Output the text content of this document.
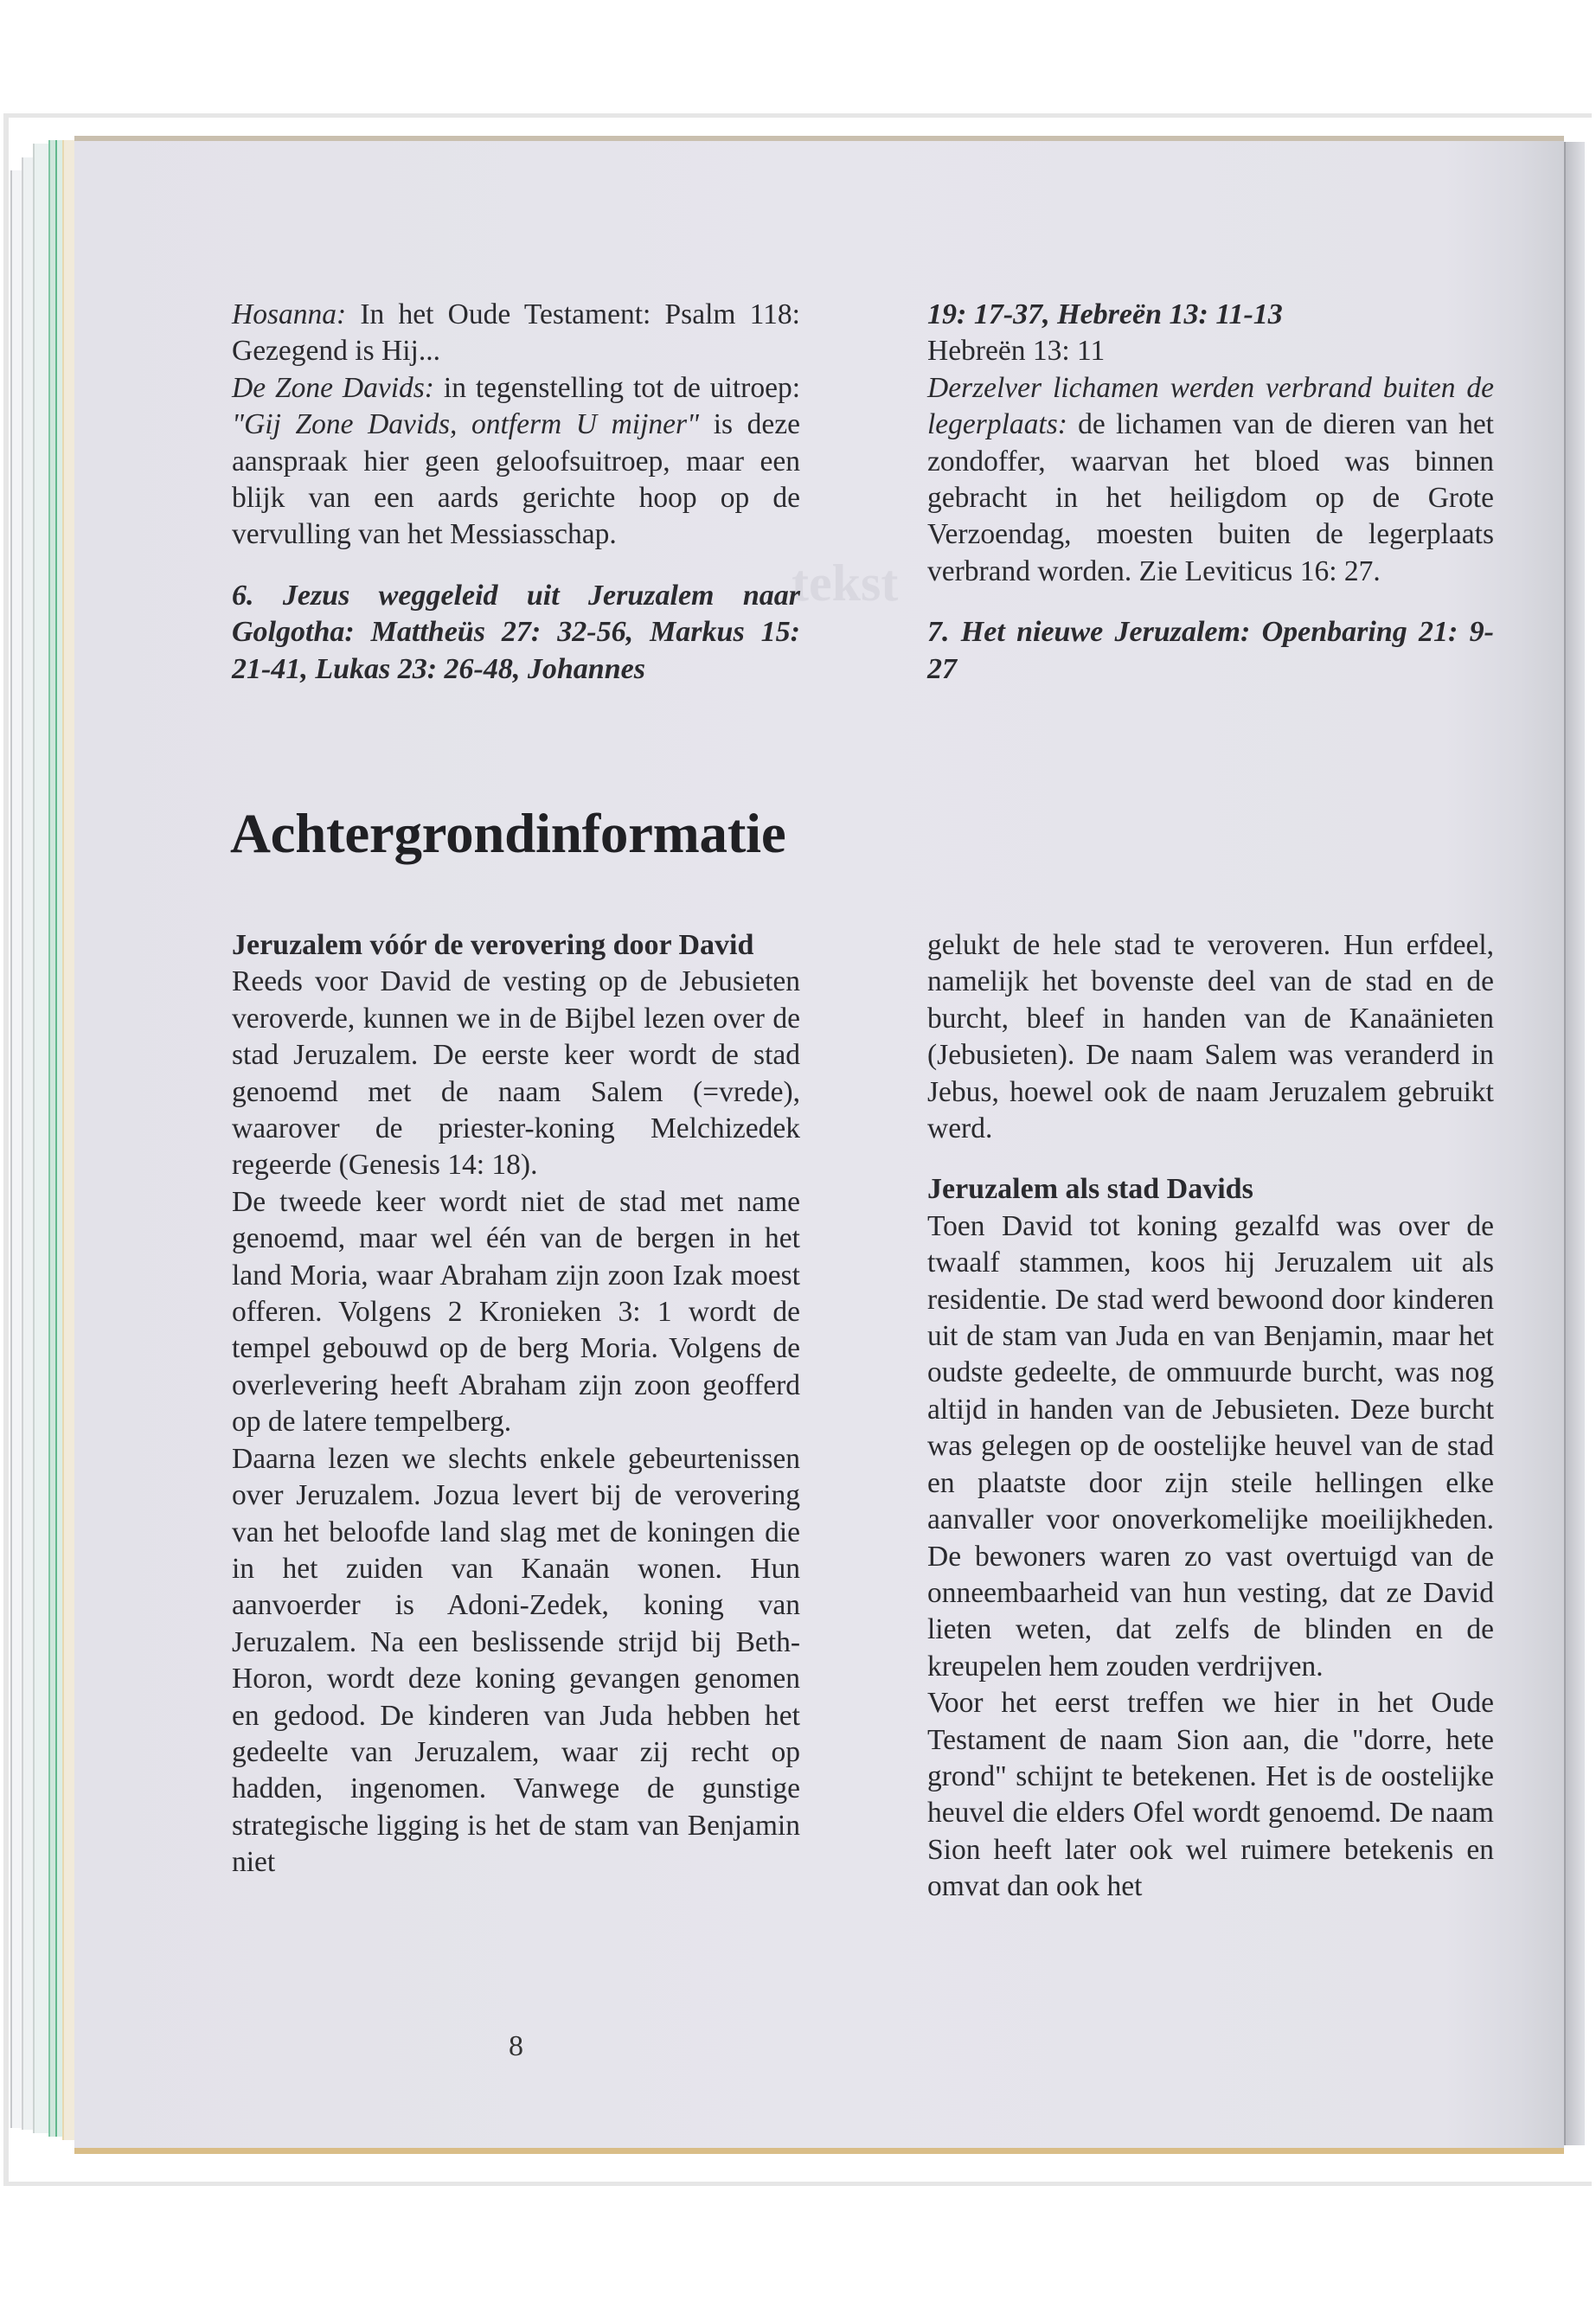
tekst

Hosanna: In het Oude Testament: Psalm 118: Gezegend is Hij...

De Zone Davids: in tegenstelling tot de uitroep: "Gij Zone Davids, ontferm U mijner" is deze aanspraak hier geen geloofsuitroep, maar een blijk van een aards gerichte hoop op de vervulling van het Messiasschap.

6. Jezus weggeleid uit Jeruzalem naar Golgotha: Mattheüs 27: 32-56, Markus 15: 21-41, Lukas 23: 26-48, Johannes

19: 17-37, Hebreën 13: 11-13

Hebreën 13: 11

Derzelver lichamen werden verbrand buiten de legerplaats: de lichamen van de dieren van het zondoffer, waarvan het bloed was binnen gebracht in het heiligdom op de Grote Verzoendag, moesten buiten de legerplaats verbrand worden. Zie Leviticus 16: 27.

7. Het nieuwe Jeruzalem: Openbaring 21: 9-27

Achtergrondinformatie

Jeruzalem vóór de verovering door David

Reeds voor David de vesting op de Jebusieten veroverde, kunnen we in de Bijbel lezen over de stad Jeruzalem. De eerste keer wordt de stad genoemd met de naam Salem (=vrede), waarover de priester-koning Melchizedek regeerde (Genesis 14: 18).

De tweede keer wordt niet de stad met name genoemd, maar wel één van de bergen in het land Moria, waar Abraham zijn zoon Izak moest offeren. Volgens 2 Kronieken 3: 1 wordt de tempel gebouwd op de berg Moria. Volgens de overlevering heeft Abraham zijn zoon geofferd op de latere tempelberg.

Daarna lezen we slechts enkele gebeurtenissen over Jeruzalem. Jozua levert bij de verovering van het beloofde land slag met de koningen die in het zuiden van Kanaän wonen. Hun aanvoerder is Adoni-Zedek, koning van Jeruzalem. Na een beslissende strijd bij Beth-Horon, wordt deze koning gevangen genomen en gedood. De kinderen van Juda hebben het gedeelte van Jeruzalem, waar zij recht op hadden, ingenomen. Vanwege de gunstige strategische ligging is het de stam van Benjamin niet

gelukt de hele stad te veroveren. Hun erfdeel, namelijk het bovenste deel van de stad en de burcht, bleef in handen van de Kanaänieten (Jebusieten). De naam Salem was veranderd in Jebus, hoewel ook de naam Jeruzalem gebruikt werd.

Jeruzalem als stad Davids

Toen David tot koning gezalfd was over de twaalf stammen, koos hij Jeruzalem uit als residentie. De stad werd bewoond door kinderen uit de stam van Juda en van Benjamin, maar het oudste gedeelte, de ommuurde burcht, was nog altijd in handen van de Jebusieten. Deze burcht was gelegen op de oostelijke heuvel van de stad en plaatste door zijn steile hellingen elke aanvaller voor onoverkomelijke moeilijkheden. De bewoners waren zo vast overtuigd van de onneembaarheid van hun vesting, dat ze David lieten weten, dat zelfs de blinden en de kreupelen hem zouden verdrijven.

Voor het eerst treffen we hier in het Oude Testament de naam Sion aan, die "dorre, hete grond" schijnt te betekenen. Het is de oostelijke heuvel die elders Ofel wordt genoemd. De naam Sion heeft later ook wel ruimere betekenis en omvat dan ook het

8
